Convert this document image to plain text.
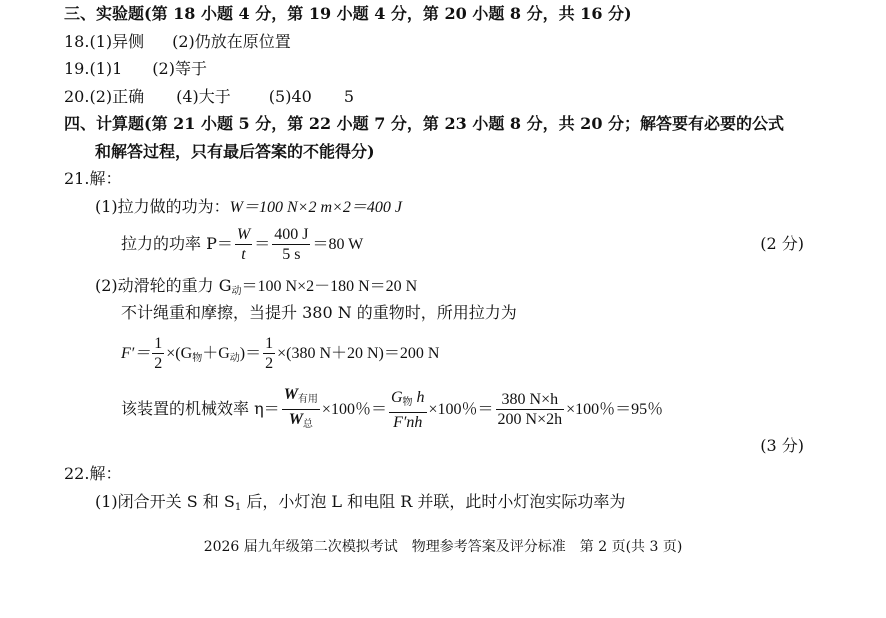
三、实验题(第 18 小题 4 分，第 19 小题 4 分，第 20 小题 8 分，共 16 分)
18.(1)异侧 (2)仍放在原位置
19.(1)1 (2)等于
20.(2)正确 (4)大于 (5)40 5
四、计算题(第 21 小题 5 分，第 22 小题 7 分，第 23 小题 8 分，共 20 分；解答要有必要的公式
和解答过程，只有最后答案的不能得分)
21.解：
(1)拉力做的功为：W＝100 N×2 m×2＝400 J
拉力的功率 $P= \frac{W}{t} = \frac{400 J}{5 s} =80$ W	(2 分)
(2)动滑轮的重力 $G_动=100$ N×2－180 N＝20 N
不计绳重和摩擦，当提升 380 N 的重物时，所用拉力为
$F'= \frac{1}{2} \times(G_物+G_动)= \frac{1}{2} \times(380$ N＋20 N)＝200 N
该装置的机械效率 $\eta= \frac{W_{有用}}{W_总} \times 100$％＝ $\frac{G_物 h}{F'nh} \times 100$％＝ $\frac{380 N\times h}{200 N\times 2h} \times 100$％＝95％
(3 分)
22.解：
(1)闭合开关 S 和 $S_1$ 后，小灯泡 L 和电阻 R 并联，此时小灯泡实际功率为
2026 届九年级第二次模拟考试　物理参考答案及评分标准　第 2 页(共 3 页)
